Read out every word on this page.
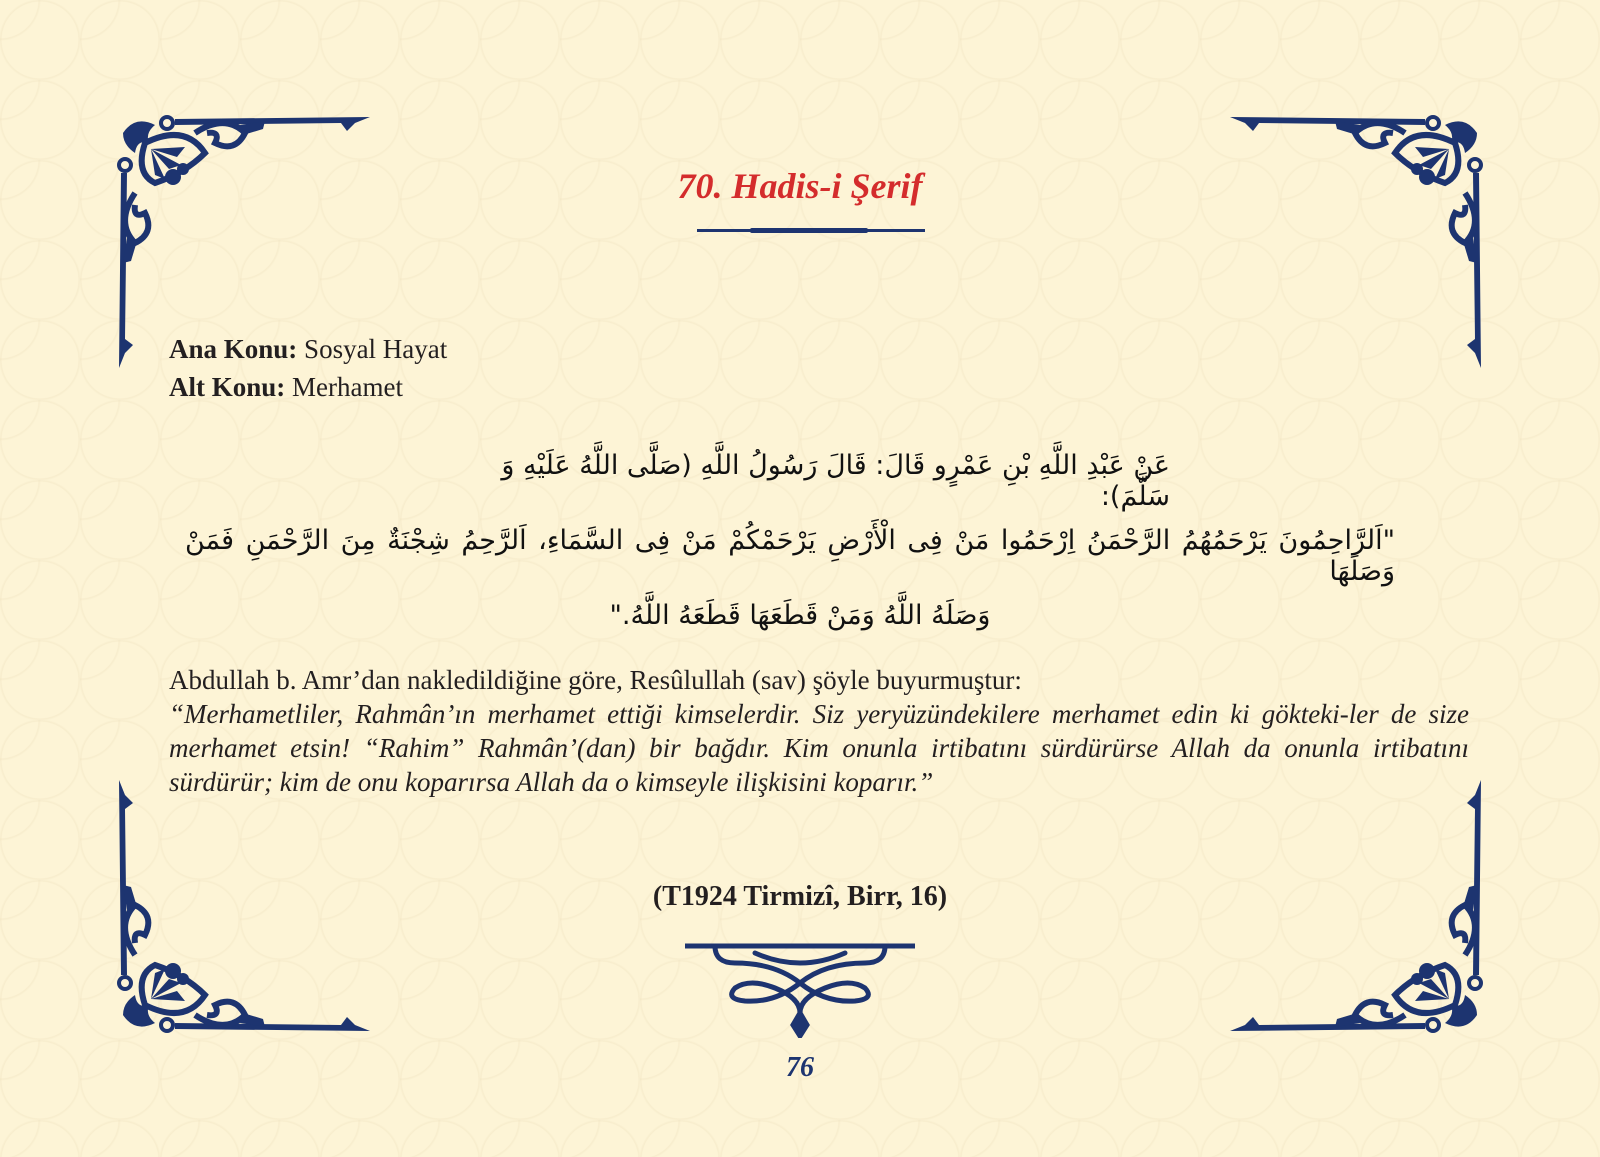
70. Hadis-i Şerif
Ana Konu: Sosyal Hayat
Alt Konu: Merhamet
عَنْ عَبْدِ اللَّهِ بْنِ عَمْرٍو قَالَ: قَالَ رَسُولُ اللَّهِ (صَلَّى اللَّهُ عَلَيْهِ وَ سَلَّمَ):
"اَلرَّاحِمُونَ يَرْحَمُهُمُ الرَّحْمَنُ اِرْحَمُوا مَنْ فِى الْأَرْضِ يَرْحَمْكُمْ مَنْ فِى السَّمَاءِ، اَلرَّحِمُ شِجْنَةٌ مِنَ الرَّحْمَنِ فَمَنْ وَصَلَهَا
وَصَلَهُ اللَّهُ وَمَنْ قَطَعَهَا قَطَعَهُ اللَّهُ."
Abdullah b. Amr’dan nakledildiğine göre, Resûlullah (sav) şöyle buyurmuştur:
“Merhametliler, Rahmân’ın merhamet ettiği kimselerdir. Siz yeryüzündekilere merhamet edin ki gökteki-ler de size merhamet etsin! “Rahim” Rahmân’(dan) bir bağdır. Kim onunla irtibatını sürdürürse Allah da onunla irtibatını sürdürür; kim de onu koparırsa Allah da o kimseyle ilişkisini koparır.”
(T1924 Tirmizî, Birr, 16)
76
